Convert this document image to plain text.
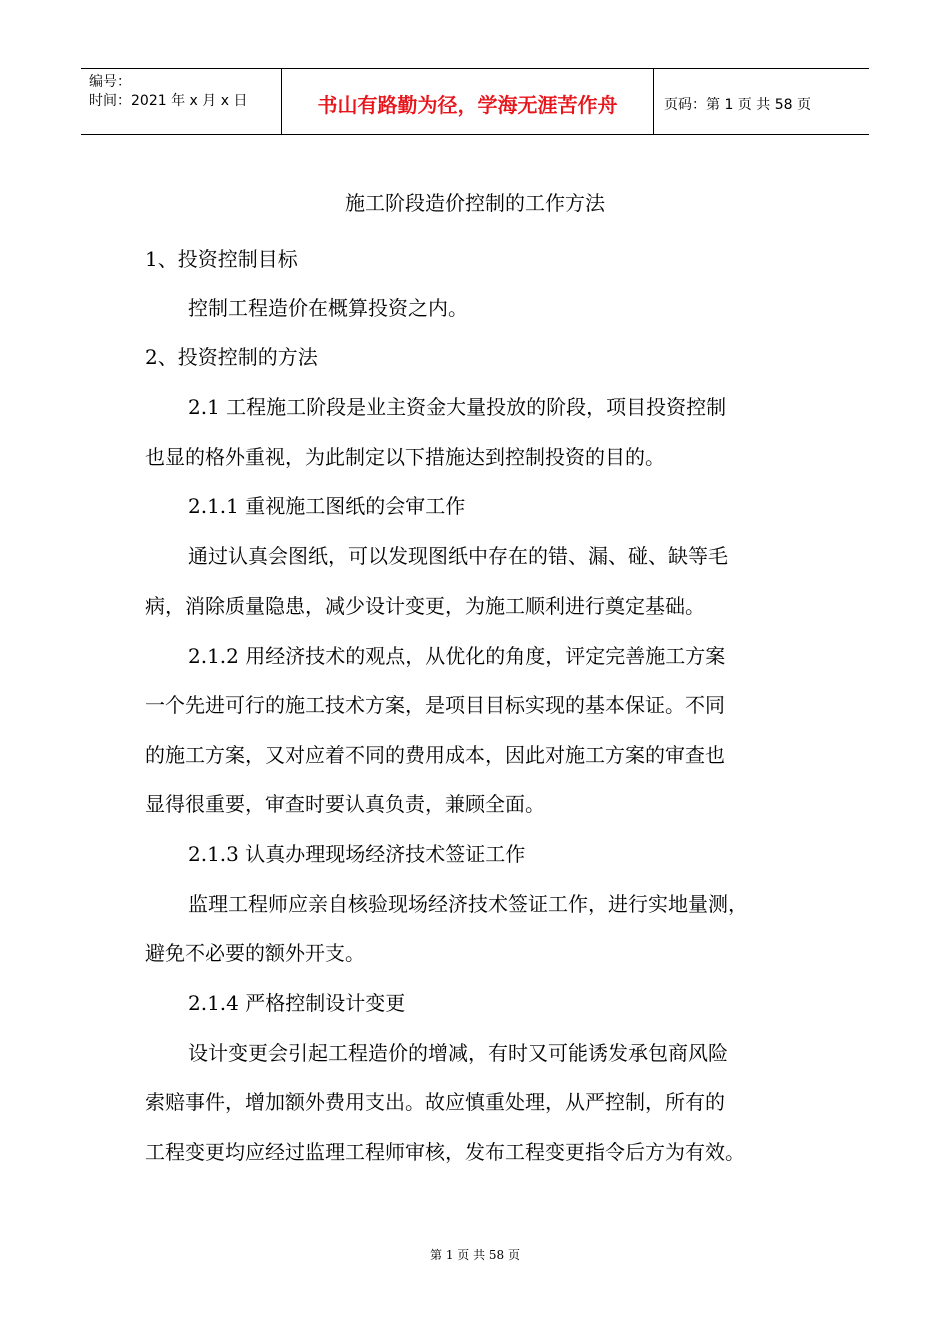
编号：
时间：2021 年 x 月 x 日	书山有路勤为径，学海无涯苦作舟	页码：第 1 页 共 58 页
施工阶段造价控制的工作方法
1、投资控制目标
控制工程造价在概算投资之内。
2、投资控制的方法
2.1 工程施工阶段是业主资金大量投放的阶段，项目投资控制
也显的格外重视，为此制定以下措施达到控制投资的目的。
2.1.1 重视施工图纸的会审工作
通过认真会图纸，可以发现图纸中存在的错、漏、碰、缺等毛
病，消除质量隐患，减少设计变更，为施工顺利进行奠定基础。
2.1.2 用经济技术的观点，从优化的角度，评定完善施工方案
一个先进可行的施工技术方案，是项目目标实现的基本保证。不同
的施工方案，又对应着不同的费用成本，因此对施工方案的审查也
显得很重要，审查时要认真负责，兼顾全面。
2.1.3 认真办理现场经济技术签证工作
监理工程师应亲自核验现场经济技术签证工作，进行实地量测，
避免不必要的额外开支。
2.1.4 严格控制设计变更
设计变更会引起工程造价的增减，有时又可能诱发承包商风险
索赔事件，增加额外费用支出。故应慎重处理，从严控制，所有的
工程变更均应经过监理工程师审核，发布工程变更指令后方为有效。
第 1 页 共 58 页
